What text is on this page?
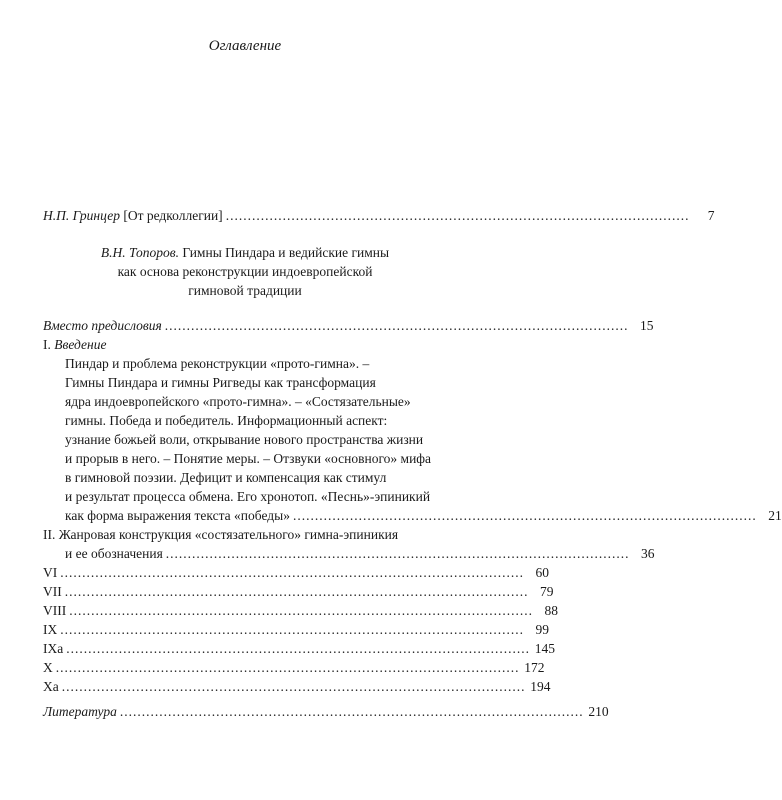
Оглавление
Н.П. Гринцер [От редколлегии] ..........................................................................................................	7
В.Н. Топоров. Гимны Пиндара и ведийские гимны
как основа реконструкции индоевропейской
гимновой традиции
Вместо предисловия .......................................................................................................... 15
I. Введение
Пиндар и проблема реконструкции «прото-гимна». –
Гимны Пиндара и гимны Ригведы как трансформация
ядра индоевропейского «прото-гимна». – «Состязательные»
гимны. Победа и победитель. Информационный аспект:
узнание божьей воли, открывание нового пространства жизни
и прорыв в него. – Понятие меры. – Отзвуки «основного» мифа
в гимновой поэзии. Дефицит и компенсация как стимул
и результат процесса обмена. Его хронотоп. «Песнь»-эпиникий
как форма выражения текста «победы» .......................................................................................................... 21
II. Жанровая конструкция «состязательного» гимна-эпиникия
и ее обозначения .......................................................................................................... 36
VI .......................................................................................................... 60
VII .......................................................................................................... 79
VIII .......................................................................................................... 88
IX .......................................................................................................... 99
IXa .......................................................................................................... 145
X .......................................................................................................... 172
Xa .......................................................................................................... 194
Литература .......................................................................................................... 210
